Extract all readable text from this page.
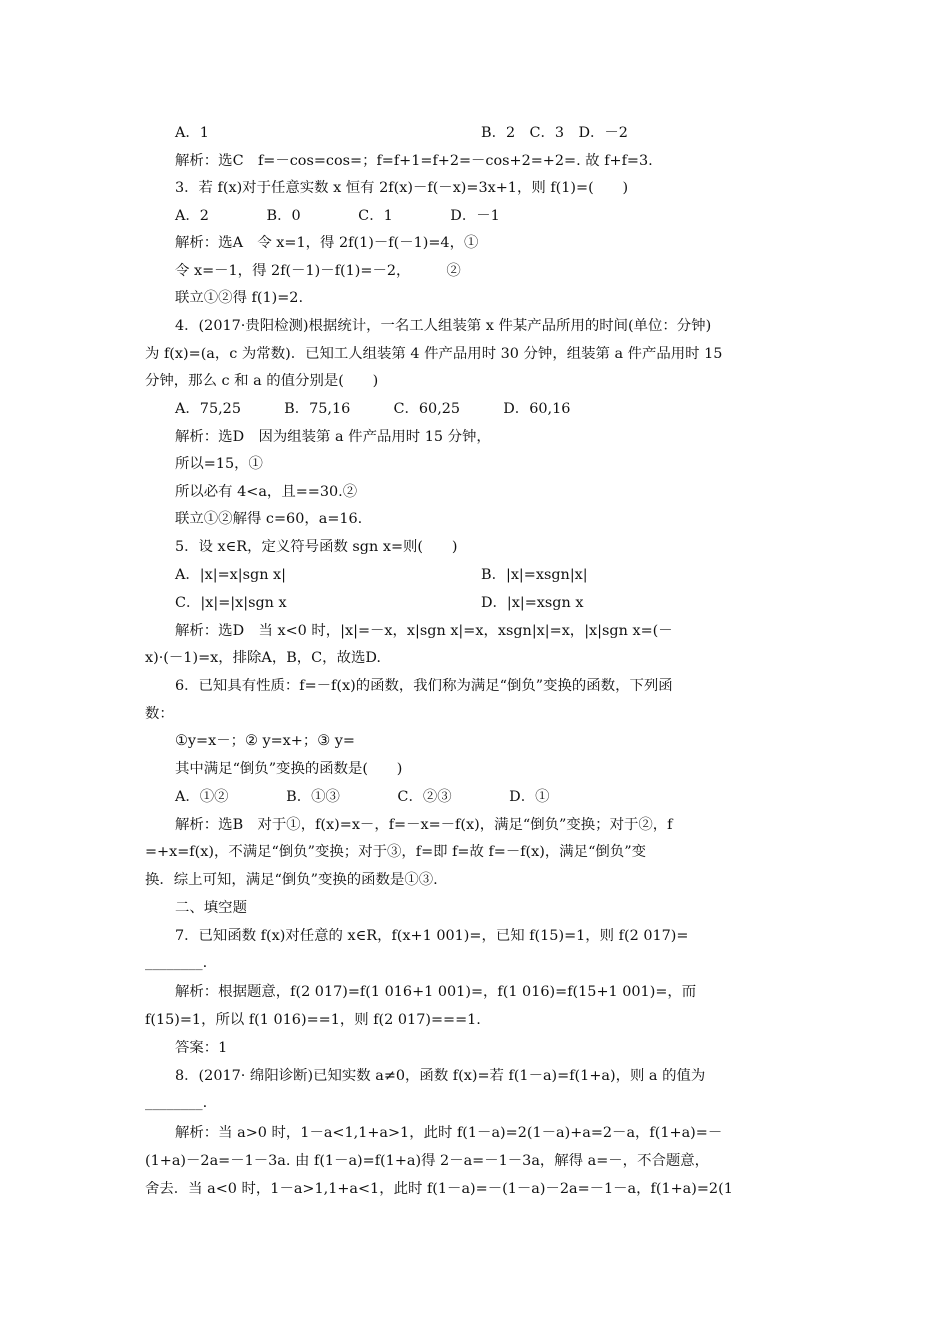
A．1	B．2　C．3　D．－2
解析：选C　f=－cos=cos=；f=f+1=f+2=－cos+2=+2=. 故 f+f=3.
3．若 f(x)对于任意实数 x 恒有 2f(x)－f(－x)=3x+1，则 f(1)=(　　)
A．2　　　　B．0　　　　C．1　　　　D．－1
解析：选A　令 x=1，得 2f(1)－f(－1)=4，①
令 x=－1，得 2f(－1)－f(1)=－2，　　　②
联立①②得 f(1)=2.
4．(2017·贵阳检测)根据统计，一名工人组装第 x 件某产品所用的时间(单位：分钟)
为 f(x)=(a，c 为常数)．已知工人组装第 4 件产品用时 30 分钟，组装第 a 件产品用时 15
分钟，那么 c 和 a 的值分别是(　　)
A．75,25　　　B．75,16　　　C．60,25　　　D．60,16
解析：选D　因为组装第 a 件产品用时 15 分钟，
所以=15，①
所以必有 4<a，且==30.②
联立①②解得 c=60，a=16.
5．设 x∈R，定义符号函数 sgn x=则(　　)
A．|x|=x|sgn x|	B．|x|=xsgn|x|
C．|x|=|x|sgn x	D．|x|=xsgn x
解析：选D　当 x<0 时，|x|=－x，x|sgn x|=x，xsgn|x|=x，|x|sgn x=(－
x)·(－1)=x，排除A，B，C，故选D.
6．已知具有性质：f=－f(x)的函数，我们称为满足“倒负”变换的函数，下列函
数：
①y=x－；② y=x+；③ y=
其中满足“倒负”变换的函数是(　　)
A．①②　　　　B．①③　　　　C．②③　　　　D．①
解析：选B　对于①，f(x)=x－，f=－x=－f(x)，满足“倒负”变换；对于②，f
=+x=f(x)，不满足“倒负”变换；对于③，f=即 f=故 f=－f(x)，满足“倒负”变
换．综上可知，满足“倒负”变换的函数是①③.
二、填空题
7．已知函数 f(x)对任意的 x∈R，f(x+1 001)=，已知 f(15)=1，则 f(2 017)=
________.
解析：根据题意，f(2 017)=f(1 016+1 001)=，f(1 016)=f(15+1 001)=，而
f(15)=1，所以 f(1 016)==1，则 f(2 017)===1.
答案：1
8．(2017· 绵阳诊断)已知实数 a≠0，函数 f(x)=若 f(1－a)=f(1+a)，则 a 的值为
________.
解析：当 a>0 时，1－a<1,1+a>1，此时 f(1－a)=2(1－a)+a=2－a，f(1+a)=－
(1+a)－2a=－1－3a. 由 f(1－a)=f(1+a)得 2－a=－1－3a，解得 a=－，不合题意，
舍去．当 a<0 时，1－a>1,1+a<1，此时 f(1－a)=－(1－a)－2a=－1－a，f(1+a)=2(1
